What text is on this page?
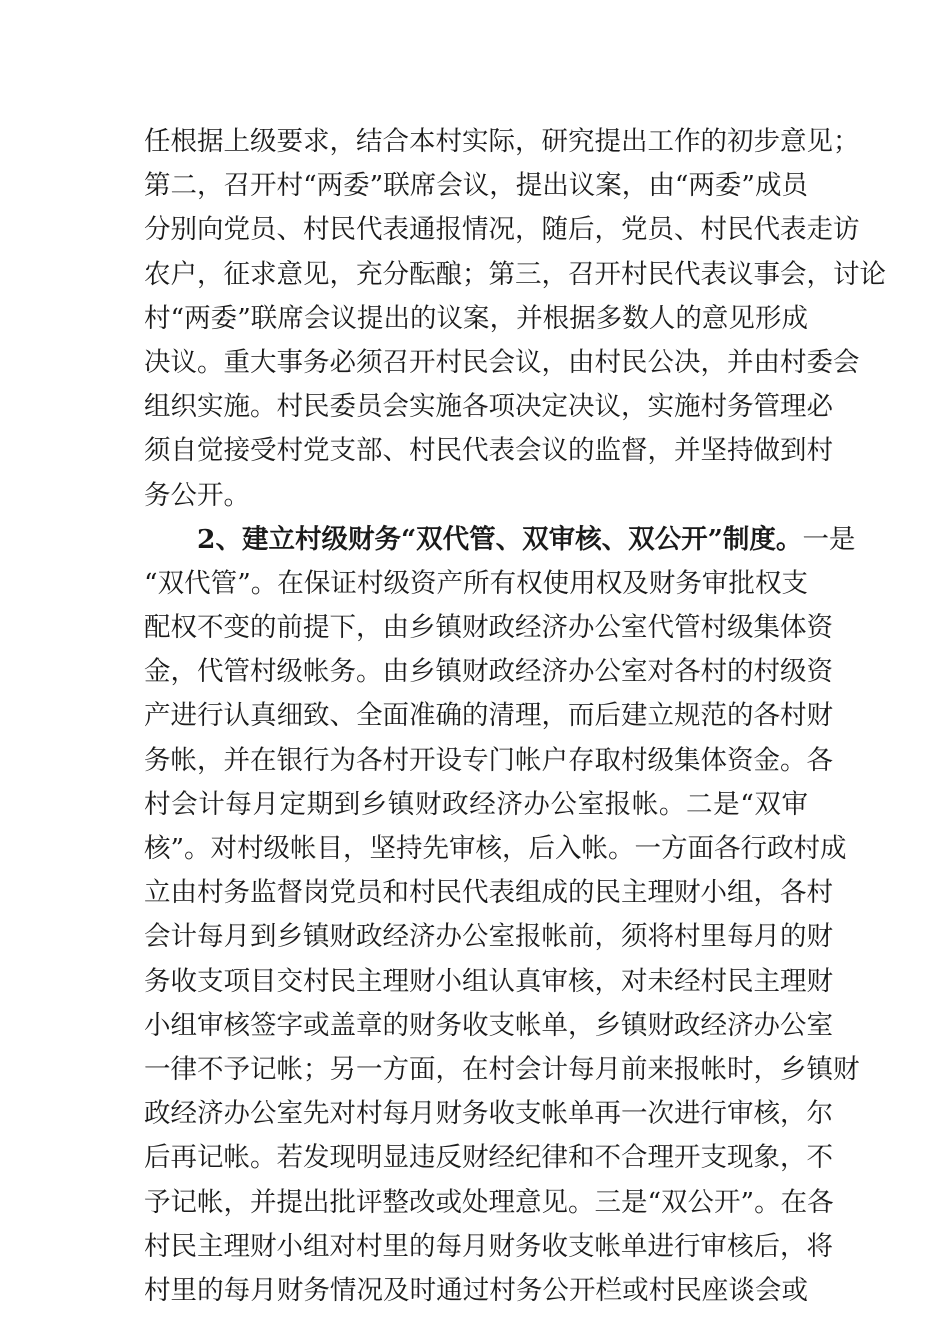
任根据上级要求，结合本村实际，研究提出工作的初步意见；
第二，召开村“两委”联席会议，提出议案，由“两委”成员
分别向党员、村民代表通报情况，随后，党员、村民代表走访
农户，征求意见，充分酝酿；第三，召开村民代表议事会，讨论
村“两委”联席会议提出的议案，并根据多数人的意见形成
决议。重大事务必须召开村民会议，由村民公决，并由村委会
组织实施。村民委员会实施各项决定决议，实施村务管理必
须自觉接受村党支部、村民代表会议的监督，并坚持做到村
务公开。
2、建立村级财务“双代管、双审核、双公开”制度。一是
“双代管”。在保证村级资产所有权使用权及财务审批权支
配权不变的前提下，由乡镇财政经济办公室代管村级集体资
金，代管村级帐务。由乡镇财政经济办公室对各村的村级资
产进行认真细致、全面准确的清理，而后建立规范的各村财
务帐，并在银行为各村开设专门帐户存取村级集体资金。各
村会计每月定期到乡镇财政经济办公室报帐。二是“双审
核”。对村级帐目，坚持先审核，后入帐。一方面各行政村成
立由村务监督岗党员和村民代表组成的民主理财小组，各村
会计每月到乡镇财政经济办公室报帐前，须将村里每月的财
务收支项目交村民主理财小组认真审核，对未经村民主理财
小组审核签字或盖章的财务收支帐单，乡镇财政经济办公室
一律不予记帐；另一方面，在村会计每月前来报帐时，乡镇财
政经济办公室先对村每月财务收支帐单再一次进行审核，尔
后再记帐。若发现明显违反财经纪律和不合理开支现象，不
予记帐，并提出批评整改或处理意见。三是“双公开”。在各
村民主理财小组对村里的每月财务收支帐单进行审核后，将
村里的每月财务情况及时通过村务公开栏或村民座谈会或
